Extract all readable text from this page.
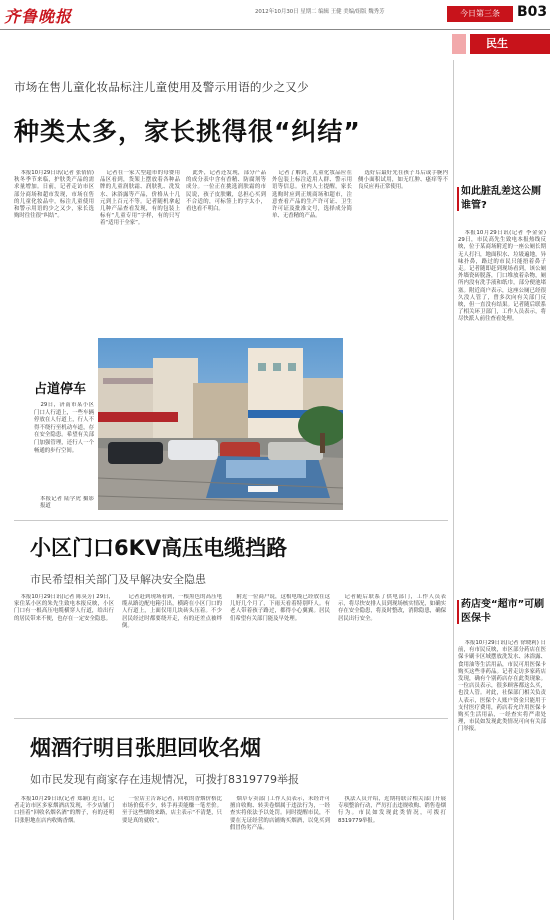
齐鲁晚报	2012年10月30日 星期二 编辑 王健 美编/组版 魏秀芳	今日第三条	B03
民生
市场在售儿童化妆品标注儿童使用及警示用语的少之又少
种类太多，家长挑得很“纠结”

本报10月29日讯(记者 张倩倩) 秋冬季节来临，护肤类产品的需求量增加。日前，记者走访市区部分商场和超市发现，市场在售的儿童化妆品中，标注儿童使用和警示用语的少之又少，家长选购时往往很“纠结”。

记者在一家大型超市的母婴用品区看到，货架上摆放着各种品牌的儿童润肤霜、润肤乳、洗发水、沐浴露等产品，价格从十几元到上百元不等。记者随机拿起几种产品查看发现，有的包装上标有“儿童专用”字样，有的只写着“适用于全家”。

此外，记者还发现，部分产品的成分表中含有香精、防腐剂等成分。一位正在挑选润肤霜的市民说，孩子皮肤嫩，总担心买到不合适的，可标签上的字太小，看也看不明白。

记者了解到，儿童化妆品应在外包装上标注适用人群、警示用语等信息。业内人士提醒，家长选购时应到正规商场和超市，注意查看产品的生产许可证、卫生许可证及批准文号，选择成分简单、无香精的产品。

选好后最好先在孩子耳后或手腕内侧小面积试用，如无红肿、瘙痒等不良反应再正常使用。	如此脏乱差这公厕谁管?

本报10月29日讯(记者 李金金) 29日，市民高先生致电本报热线反映，位于某商场附近的一座公厕长期无人打扫，地面积水、垃圾遍地，异味扑鼻，路过的市民只能捂着鼻子走。记者随即赶到现场看到，该公厕外墙瓷砖脱落，门口堆放着杂物，厕所内没有洗手液和纸巾，部分便池堵塞。附近商户表示，这座公厕已经很久没人管了，曾多次向有关部门反映，但一直没有结果。记者随后联系了相关环卫部门，工作人员表示，将尽快派人前往查看处理。

药店变“超市”可刷医保卡

本报10月29日讯(记者 徐晓莉) 日前，有市民反映，市区部分药店在医保卡刷卡区域摆放洗发水、沐浴露、食用油等生活用品，市民可用医保卡购买这些非药品。记者走访多家药店发现，确有个别药店存在此类现象。一位店员表示，很多顾客都这么买，也没人管。对此，社保部门相关负责人表示，医保个人账户资金只能用于支付医疗费用，药店若允许用医保卡购买生活用品，一经查实将严肃处理，市民如发现此类情况可向有关部门举报。

占道停车

29日，济南市某小区门口人行道上，一些车辆停放在人行道上，行人不得不绕行至机动车道，存在安全隐患。希望有关部门加强管理，还行人一个畅通的步行空间。

本报记者 陆学虎 摄影报道
小区门口6KV高压电缆挡路
市民希望相关部门及早解决安全隐患

本报10月29日讯(记者 陈莫芳) 29日，家住某小区的朱先生致电本报反映，小区门口有一根高压电缆横穿人行道，给出行的居民带来不便，也存在一定安全隐患。

记者赶到现场看到，一根黑色的高压电缆从路边配电箱引出，横跨在小区门口的人行道上，上面仅用几块砖头压着。不少居民经过时都要绕开走，有的还差点被绊倒。

附近一位商户说，这根电缆已经放在这儿好几个月了，下雨天看着特别吓人。有老人带着孩子路过，都得小心翼翼。居民们希望有关部门能及早处理。

记者随后联系了供电部门，工作人员表示，将尽快安排人员到现场核实情况，如确实存在安全隐患，将及时整改，消除隐患，确保居民出行安全。

烟酒行明目张胆回收名烟
如市民发现有商家存在违规情况，可拨打8319779举报

本报10月29日讯(记者 郑颖) 近日，记者走访市区多家烟酒店发现，不少店铺门口挂着“回收名烟名酒”的牌子，有的还明目张胆地在店内收购香烟。

一位店主告诉记者，回收的香烟价格比市场价低不少，转手再卖能赚一笔差价。至于这些烟的来路，店主表示“不清楚，只要是真的就收”。

烟草专卖部门工作人员表示，未经许可擅自收购、转卖卷烟属于违法行为，一经查实将依法予以处罚。同时提醒市民，不要在无证经营的店铺购买烟酒，以免买到假冒伪劣产品。

执法人员介绍，近期将联合相关部门开展专项整治行动，严厉打击违规收购、销售卷烟行为。市民如发现此类情况，可拨打8319779举报。
